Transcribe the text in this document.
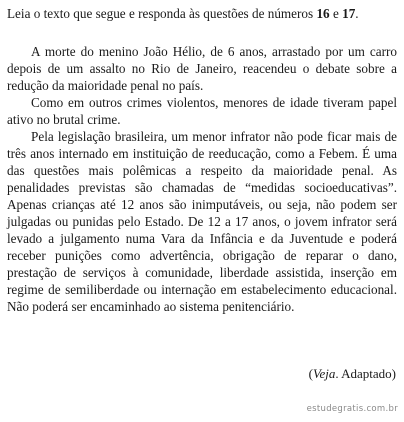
Leia o texto que segue e responda às questões de números 16 e 17.

A morte do menino João Hélio, de 6 anos, arrastado por um carro depois de um assalto no Rio de Janeiro, reacendeu o debate sobre a redução da maioridade penal no país.

Como em outros crimes violentos, menores de idade tiveram papel ativo no brutal crime.

Pela legislação brasileira, um menor infrator não pode ficar mais de três anos internado em instituição de reeducação, como a Febem. É uma das questões mais polêmicas a respeito da maioridade penal. As penalidades previstas são chamadas de “medidas socioeducativas”. Apenas crianças até 12 anos são inimputáveis, ou seja, não podem ser julgadas ou punidas pelo Estado. De 12 a 17 anos, o jovem infrator será levado a julgamento numa Vara da Infância e da Juventude e poderá receber punições como advertência, obrigação de reparar o dano, prestação de serviços à comunidade, liberdade assistida, inserção em regime de semiliberdade ou internação em estabelecimento educacional. Não poderá ser encaminhado ao sistema penitenciário.

(Veja. Adaptado)
estudegratis.com.br
